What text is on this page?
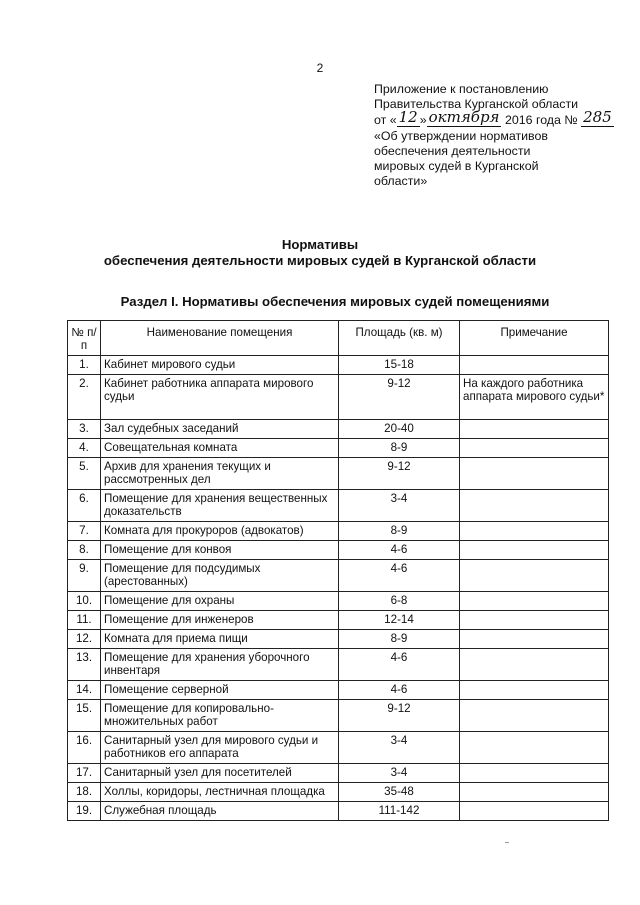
2
Приложение к постановлению
Правительства Курганской области
от « 12 » октября 2016 года № 285
«Об утверждении нормативов
обеспечения деятельности
мировых судей в Курганской
области»
Нормативы
обеспечения деятельности мировых судей в Курганской области
Раздел I. Нормативы обеспечения мировых судей помещениями
№ п/п	Наименование помещения	Площадь (кв. м)	Примечание
1.	Кабинет мирового судьи	15-18	
2.	Кабинет работника аппарата мирового судьи	9-12	На каждого работника аппарата мирового судьи*
3.	Зал судебных заседаний	20-40	
4.	Совещательная комната	8-9	
5.	Архив для хранения текущих и рассмотренных дел	9-12	
6.	Помещение для хранения вещественных доказательств	3-4	
7.	Комната для прокуроров (адвокатов)	8-9	
8.	Помещение для конвоя	4-6	
9.	Помещение для подсудимых (арестованных)	4-6	
10.	Помещение для охраны	6-8	
11.	Помещение для инженеров	12-14	
12.	Комната для приема пищи	8-9	
13.	Помещение для хранения уборочного инвентаря	4-6	
14.	Помещение серверной	4-6	
15.	Помещение для копировально-множительных работ	9-12	
16.	Санитарный узел для мирового судьи и работников его аппарата	3-4	
17.	Санитарный узел для посетителей	3-4	
18.	Холлы, коридоры, лестничная площадка	35-48	
19.	Служебная площадь	111-142	
